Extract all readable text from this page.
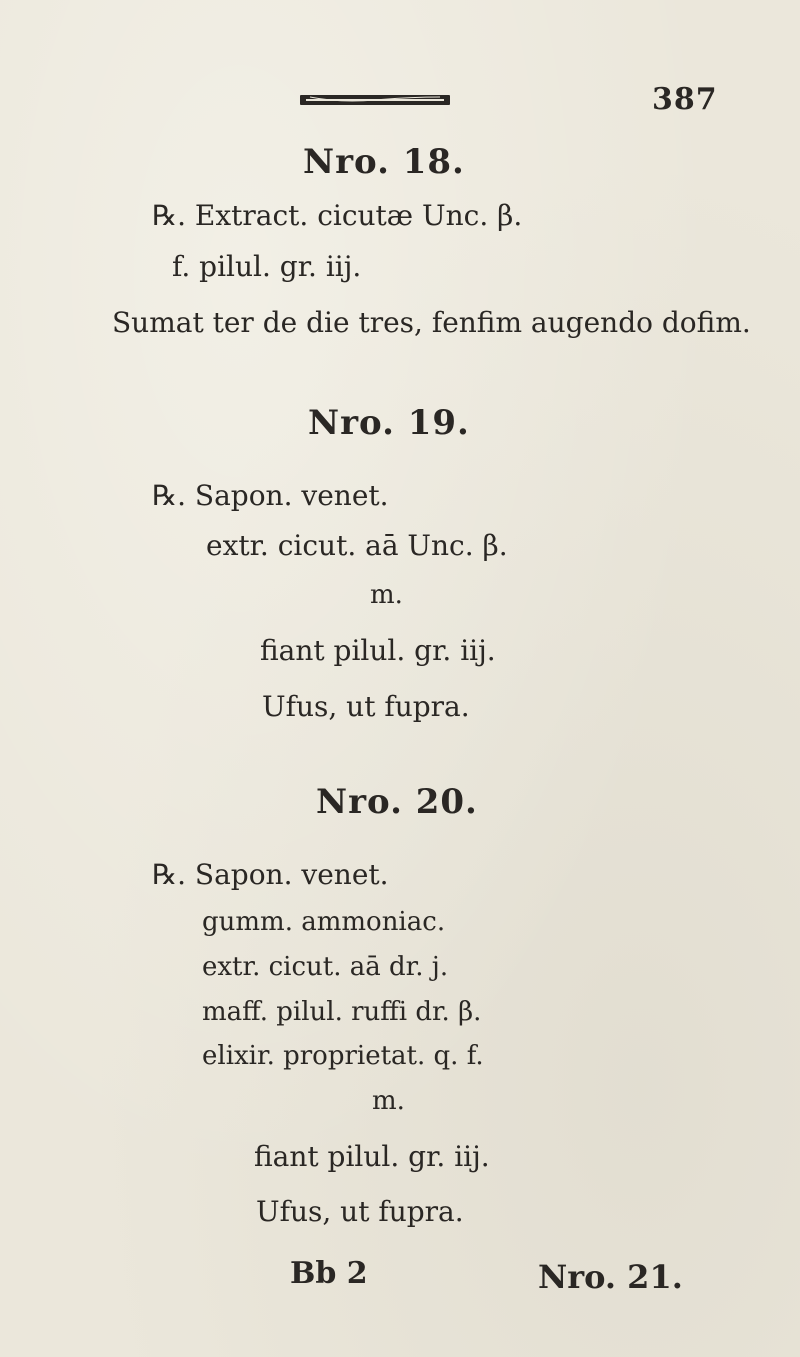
387
Nro. 18.
℞. Extract. cicutæ Unc. β.
f. pilul. gr. iij.
Sumat ter de die tres, fenfim augendo dofim.
Nro. 19.
℞. Sapon. venet.
extr. cicut. aā Unc. β.
m.
fiant pilul. gr. iij.
Ufus, ut fupra.
Nro. 20.
℞. Sapon. venet.
gumm. ammoniac.
extr. cicut. aā dr. j.
maff. pilul. ruffi dr. β.
elixir. proprietat. q. f.
m.
fiant pilul. gr. iij.
Ufus, ut fupra.
Bb 2	Nro. 21.
